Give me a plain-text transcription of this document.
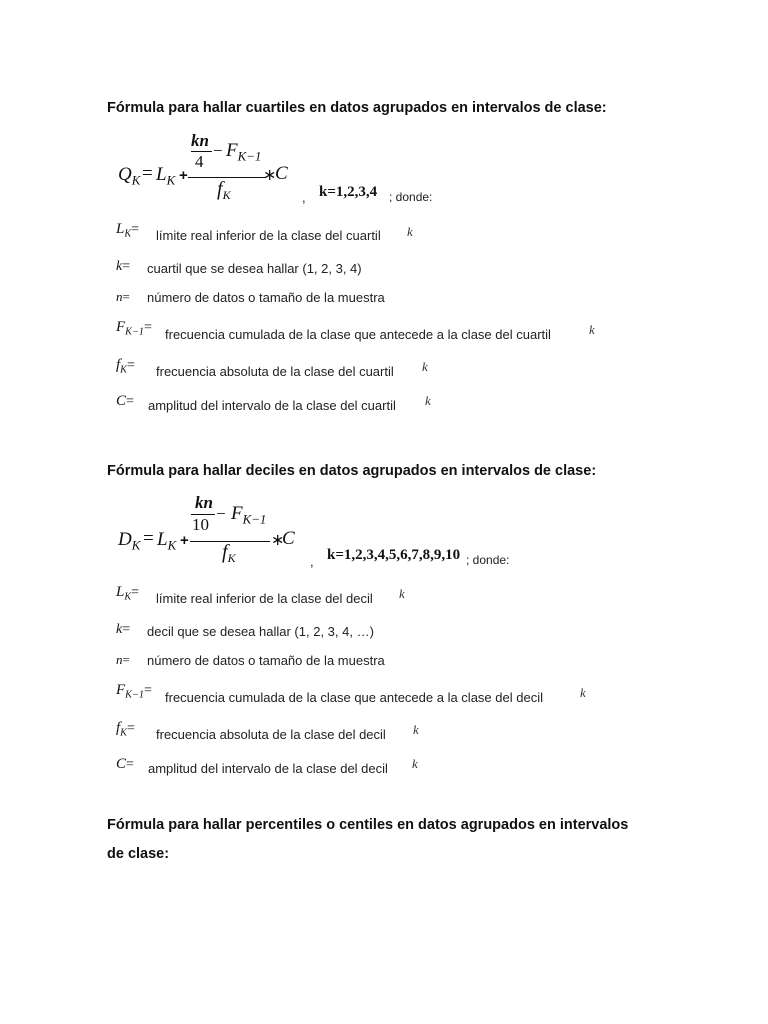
Fórmula para hallar cuartiles en datos agrupados en intervalos de clase:
$Q_K = L_K$ +
kn
4
− $F_{K-1}$
$f_K$
∗
C
, k=1,2,3,4 ; donde:
$L_K=$ límite real inferior de la clase del cuartil k
k= cuartil que se desea hallar (1, 2, 3, 4)
n= número de datos o tamaño de la muestra
$F_{K-1}=$ frecuencia cumulada de la clase que antecede a la clase del cuartil	k
$f_K=$ frecuencia absoluta de la clase del cuartil k
C= amplitud del intervalo de la clase del cuartil k
Fórmula para hallar deciles en datos agrupados en intervalos de clase:
$D_K = L_K$ +
kn
10
− $F_{K-1}$
$f_K$
∗
C
, k=1,2,3,4,5,6,7,8,9,10 ; donde:
$L_K=$ límite real inferior de la clase del decil k
k= decil que se desea hallar (1, 2, 3, 4, …)
n= número de datos o tamaño de la muestra
$F_{K-1}=$ frecuencia cumulada de la clase que antecede a la clase del decil	k
$f_K=$ frecuencia absoluta de la clase del decil k
C= amplitud del intervalo de la clase del decil k
Fórmula para hallar percentiles o centiles en datos agrupados en intervalos
de clase:
